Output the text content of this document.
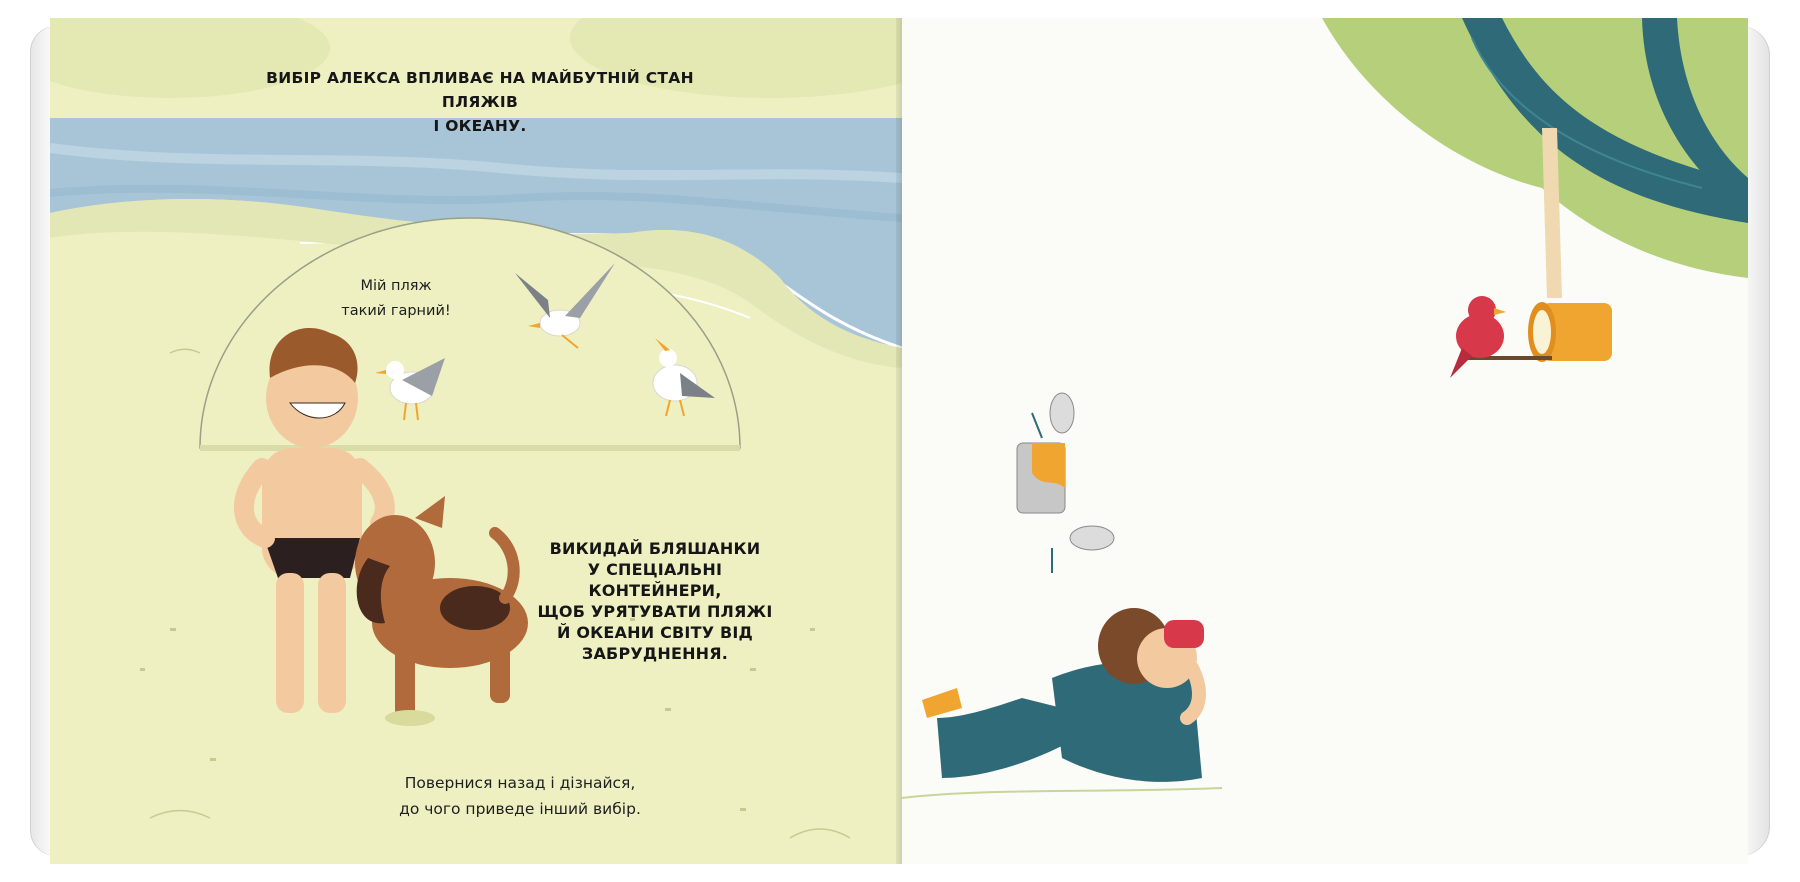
ВИБІР АЛЕКСА ВПЛИВАЄ НА МАЙБУТНІЙ СТАН ПЛЯЖІВ
І ОКЕАНУ.
Мій пляж
такий гарний!
ВИКИДАЙ БЛЯШАНКИ
У СПЕЦІАЛЬНІ КОНТЕЙНЕРИ,
ЩОБ УРЯТУВАТИ ПЛЯЖІ
Й ОКЕАНИ СВІТУ ВІД
ЗАБРУДНЕННЯ.
Повернися назад і дізнайся,
до чого приведе інший вибір.
